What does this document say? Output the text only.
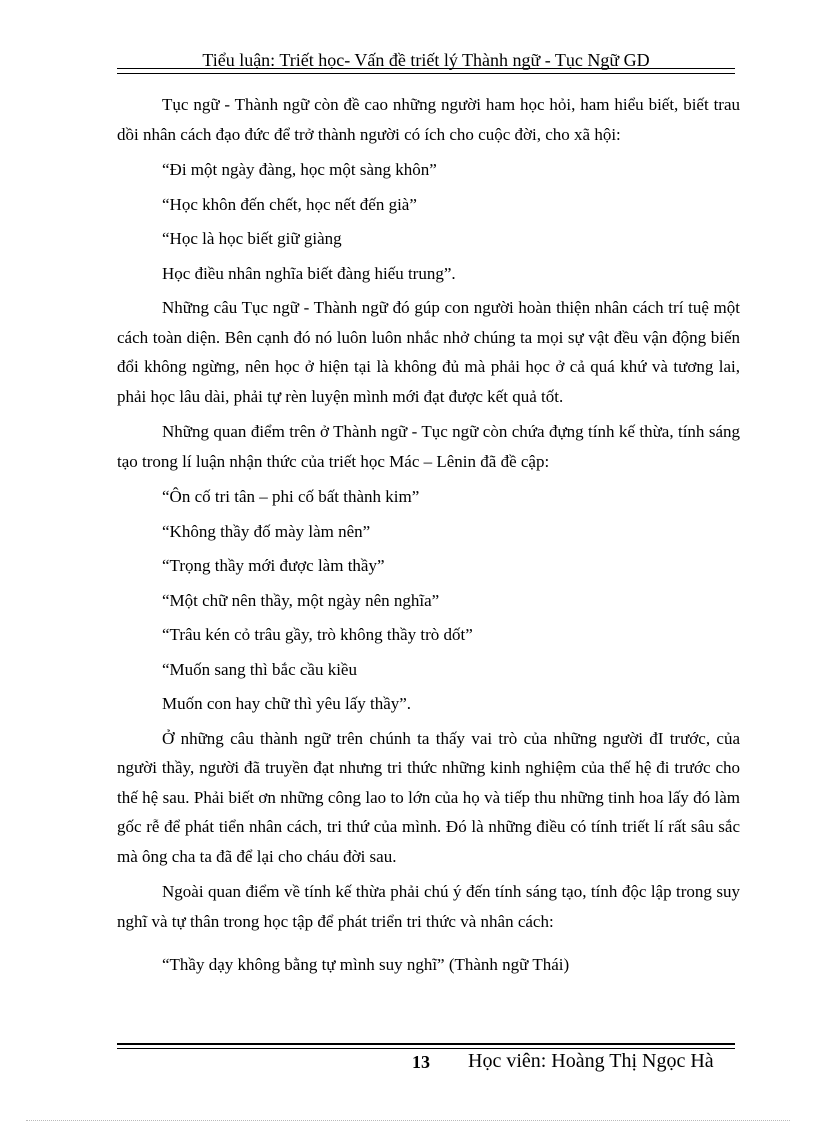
Tiểu luận: Triết học- Vấn đề triết lý Thành ngữ - Tục Ngữ GD

Tục ngữ - Thành ngữ còn đề cao những người ham học hỏi, ham hiểu biết, biết trau dồi nhân cách đạo đức để trở thành người có ích cho cuộc đời, cho xã hội:

“Đi một ngày đàng, học một sàng khôn”

“Học khôn đến chết, học nết đến già”

“Học là học biết giữ giàng

Học điều nhân nghĩa biết đàng hiếu trung”.

Những câu Tục ngữ - Thành ngữ đó gúp con người hoàn thiện nhân cách trí tuệ một cách toàn diện. Bên cạnh đó nó luôn luôn nhắc nhở chúng ta mọi sự vật đều vận động biến đổi không ngừng, nên học ở hiện tại là không đủ mà phải học ở cả quá khứ và tương lai, phải học lâu dài, phải tự rèn luyện mình mới đạt được kết quả tốt.

Những quan điểm trên ở Thành ngữ - Tục ngữ còn chứa đựng tính kế thừa, tính sáng tạo trong lí luận nhận thức của triết học Mác – Lênin đã đề cập:

“Ôn cố tri tân – phi cố bất thành kim”

“Không thầy đố mày làm nên”

“Trọng thầy mới được làm thầy”

“Một chữ nên thầy, một ngày nên nghĩa”

“Trâu kén cỏ trâu gầy, trò không thầy trò dốt”

“Muốn sang thì bắc cầu kiều

Muốn con hay chữ thì yêu lấy thầy”.

Ở những câu thành ngữ trên chúnh ta thấy vai trò của những người đI trước, của người thầy, người đã truyền đạt nhưng tri thức những kinh nghiệm của thế hệ đi trước cho thế hệ sau. Phải biết ơn những công lao to lớn của họ và tiếp thu những tinh hoa lấy đó làm gốc rễ để phát tiển nhân cách, tri thứ của mình. Đó là những điều có tính triết lí rất sâu sắc mà ông cha ta đã để lại cho cháu đời sau.

Ngoài quan điểm về tính kế thừa phải chú ý đến tính sáng tạo, tính độc lập trong suy nghĩ và tự thân trong học tập để phát triển tri thức và nhân cách:

“Thầy dạy không bằng tự mình suy nghĩ” (Thành ngữ Thái)

13 Học viên: Hoàng Thị Ngọc Hà
